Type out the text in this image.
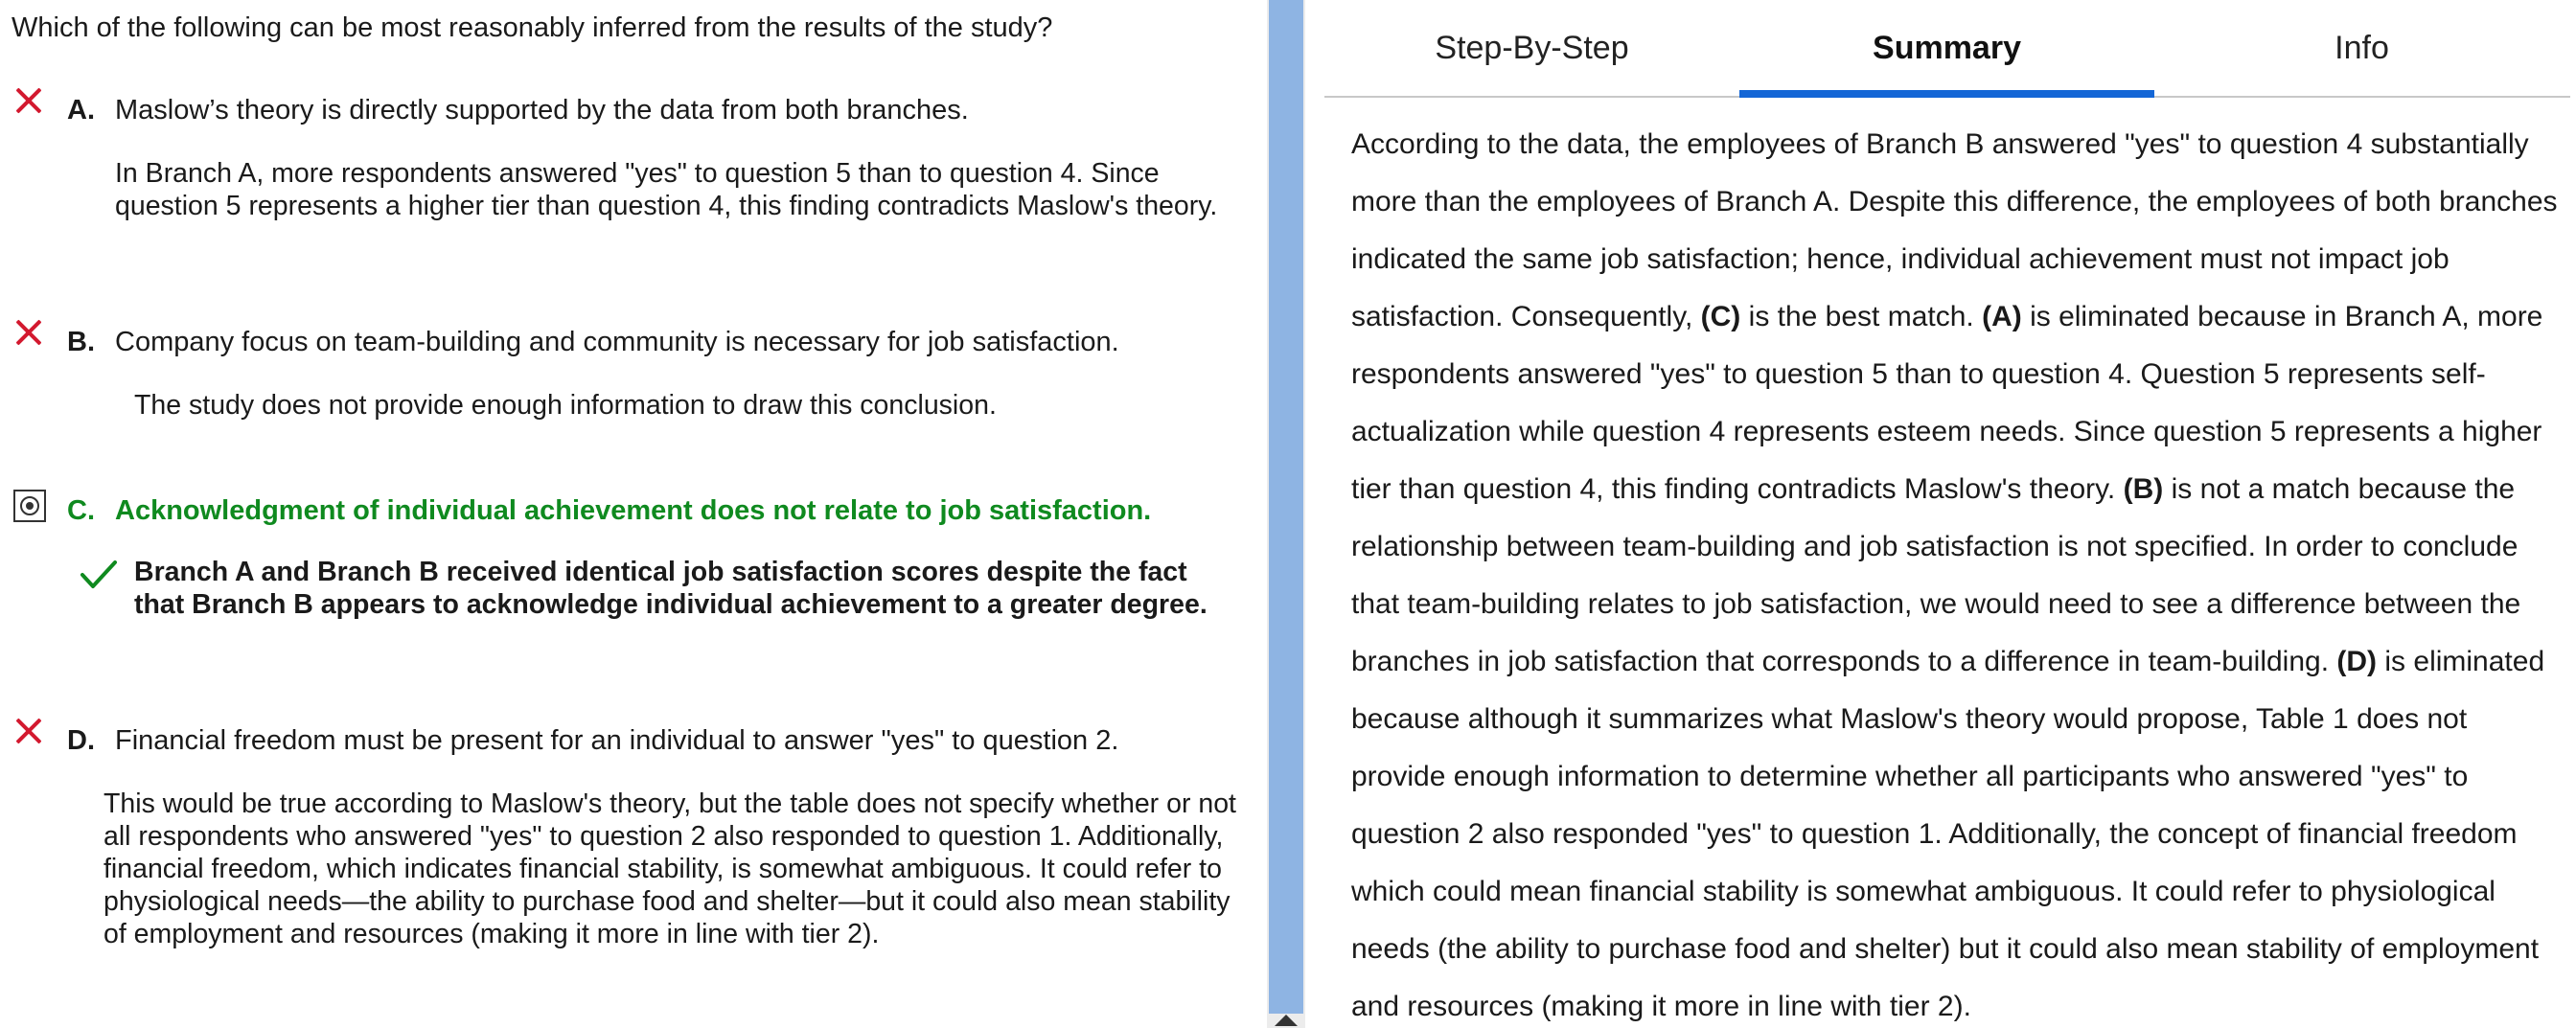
Which of the following can be most reasonably inferred from the results of the study?
A. Maslow’s theory is directly supported by the data from both branches.
In Branch A, more respondents answered "yes" to question 5 than to question 4. Since question 5 represents a higher tier than question 4, this finding contradicts Maslow's theory.
B. Company focus on team-building and community is necessary for job satisfaction.
The study does not provide enough information to draw this conclusion.
C. Acknowledgment of individual achievement does not relate to job satisfaction.
Branch A and Branch B received identical job satisfaction scores despite the fact that Branch B appears to acknowledge individual achievement to a greater degree.
D. Financial freedom must be present for an individual to answer "yes" to question 2.
This would be true according to Maslow's theory, but the table does not specify whether or not all respondents who answered "yes" to question 2 also responded to question 1. Additionally, financial freedom, which indicates financial stability, is somewhat ambiguous. It could refer to physiological needs—the ability to purchase food and shelter—but it could also mean stability of employment and resources (making it more in line with tier 2).
Step-By-Step	Summary	Info
According to the data, the employees of Branch B answered "yes" to question 4 substantially more than the employees of Branch A. Despite this difference, the employees of both branches indicated the same job satisfaction; hence, individual achievement must not impact job satisfaction. Consequently, (C) is the best match. (A) is eliminated because in Branch A, more respondents answered "yes" to question 5 than to question 4. Question 5 represents self-actualization while question 4 represents esteem needs. Since question 5 represents a higher tier than question 4, this finding contradicts Maslow's theory. (B) is not a match because the relationship between team-building and job satisfaction is not specified. In order to conclude that team-building relates to job satisfaction, we would need to see a difference between the branches in job satisfaction that corresponds to a difference in team-building. (D) is eliminated because although it summarizes what Maslow's theory would propose, Table 1 does not provide enough information to determine whether all participants who answered "yes" to question 2 also responded "yes" to question 1. Additionally, the concept of financial freedom which could mean financial stability is somewhat ambiguous. It could refer to physiological needs (the ability to purchase food and shelter) but it could also mean stability of employment and resources (making it more in line with tier 2).
